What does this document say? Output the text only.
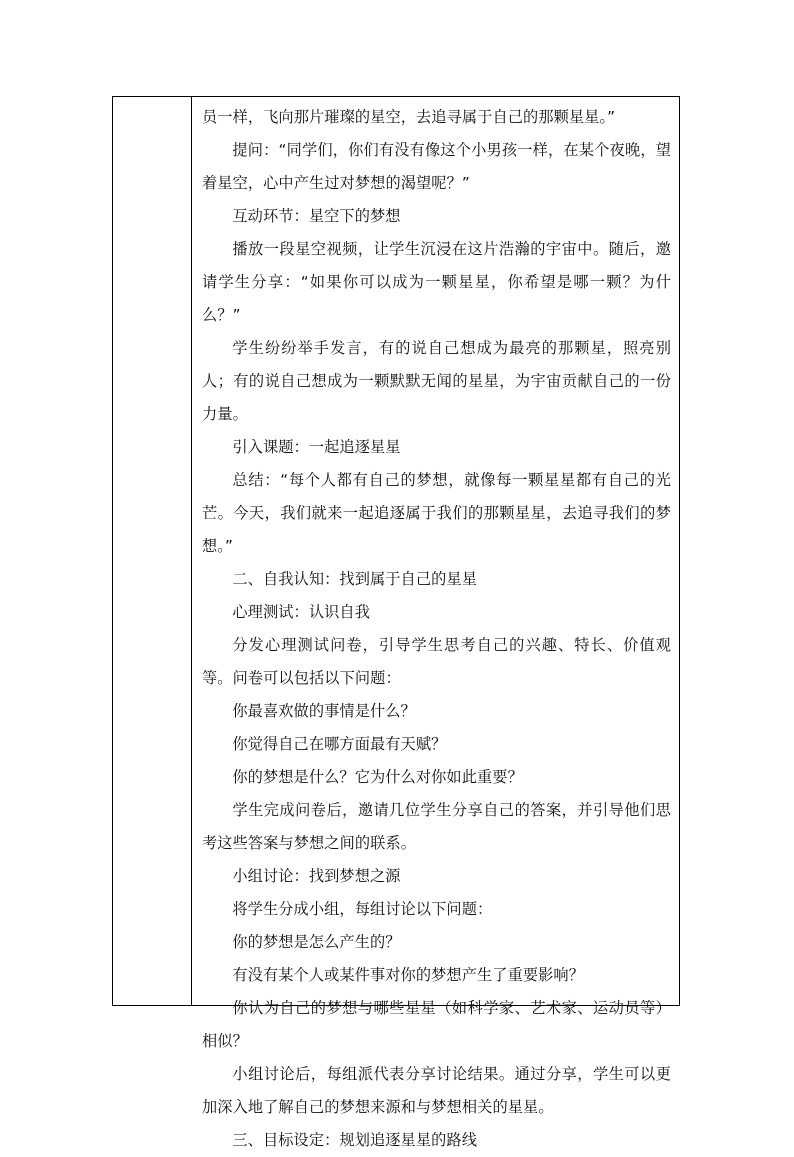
员一样，飞向那片璀璨的星空，去追寻属于自己的那颗星星。”

提问：“同学们，你们有没有像这个小男孩一样，在某个夜晚，望着星空，心中产生过对梦想的渴望呢？”

互动环节：星空下的梦想

播放一段星空视频，让学生沉浸在这片浩瀚的宇宙中。随后，邀请学生分享：“如果你可以成为一颗星星，你希望是哪一颗？为什么？”

学生纷纷举手发言，有的说自己想成为最亮的那颗星，照亮别人；有的说自己想成为一颗默默无闻的星星，为宇宙贡献自己的一份力量。

引入课题：一起追逐星星

总结：“每个人都有自己的梦想，就像每一颗星星都有自己的光芒。今天，我们就来一起追逐属于我们的那颗星星，去追寻我们的梦想。”

二、自我认知：找到属于自己的星星

心理测试：认识自我

分发心理测试问卷，引导学生思考自己的兴趣、特长、价值观等。问卷可以包括以下问题：

你最喜欢做的事情是什么？

你觉得自己在哪方面最有天赋？

你的梦想是什么？它为什么对你如此重要？

学生完成问卷后，邀请几位学生分享自己的答案，并引导他们思考这些答案与梦想之间的联系。

小组讨论：找到梦想之源

将学生分成小组，每组讨论以下问题：

你的梦想是怎么产生的？

有没有某个人或某件事对你的梦想产生了重要影响？

你认为自己的梦想与哪些星星（如科学家、艺术家、运动员等）相似？

小组讨论后，每组派代表分享讨论结果。通过分享，学生可以更加深入地了解自己的梦想来源和与梦想相关的星星。

三、目标设定：规划追逐星星的路线
